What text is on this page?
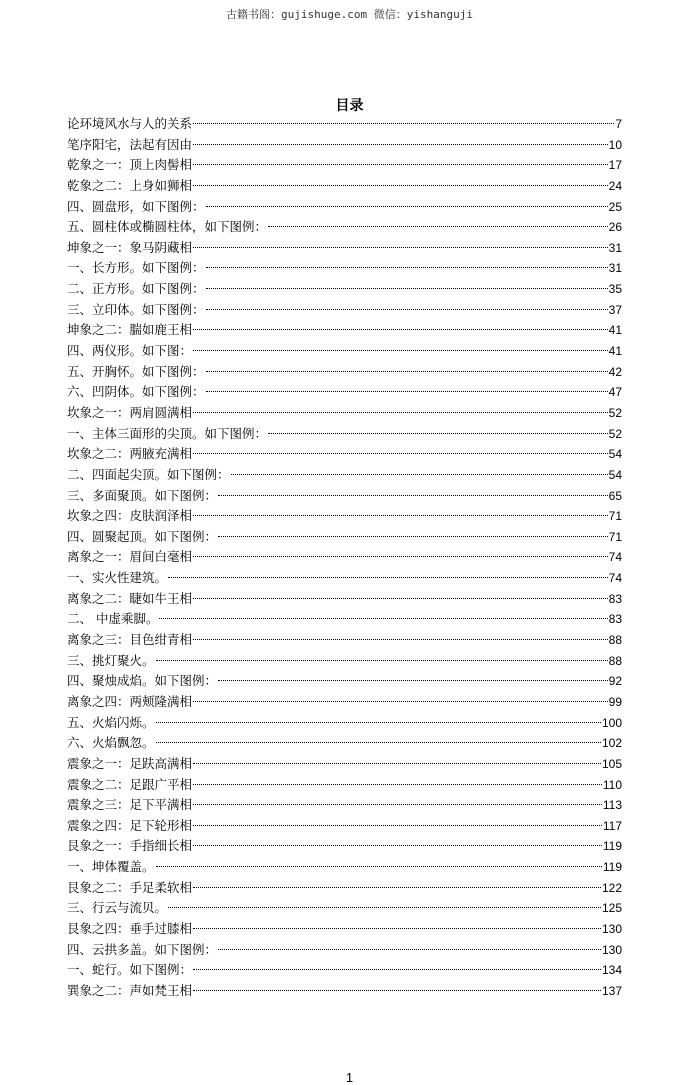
古籍书阁：gujishuge.com 微信：yishanguji
目录
论环境风水与人的关系	7
笔序阳宅，法起有因由	10
乾象之一：顶上肉髻相	17
乾象之二：上身如狮相	24
四、圆盘形，如下图例：	25
五、圆柱体或椭圆柱体，如下图例：	26
坤象之一：象马阴藏相	31
一、长方形。如下图例：	31
二、正方形。如下图例：	35
三、立印体。如下图例：	37
坤象之二：腨如鹿王相	41
四、两仪形。如下图：	41
五、开胸怀。如下图例：	42
六、凹阴体。如下图例：	47
坎象之一：两肩圆满相	52
一、主体三面形的尖顶。如下图例：	52
坎象之二：两腋充满相	54
二、四面起尖顶。如下图例：	54
三、多面聚顶。如下图例：	65
坎象之四：皮肤润泽相	71
四、圆聚起顶。如下图例：	71
离象之一：眉间白毫相	74
一、实火性建筑。	74
离象之二：睫如牛王相	83
二、 中虚乘脚。	83
离象之三：目色绀青相	88
三、挑灯聚火。	88
四、聚烛成焰。如下图例：	92
离象之四：两颊隆满相	99
五、火焰闪烁。	100
六、火焰飘忽。	102
震象之一：足趺高满相	105
震象之二：足跟广平相	110
震象之三：足下平满相	113
震象之四：足下轮形相	117
艮象之一：手指细长相	119
一、坤体覆盖。	119
艮象之二：手足柔软相	122
三、行云与流贝。	125
艮象之四：垂手过膝相	130
四、云拱多盖。如下图例：	130
一、蛇行。如下图例：	134
巽象之二：声如梵王相	137
1
